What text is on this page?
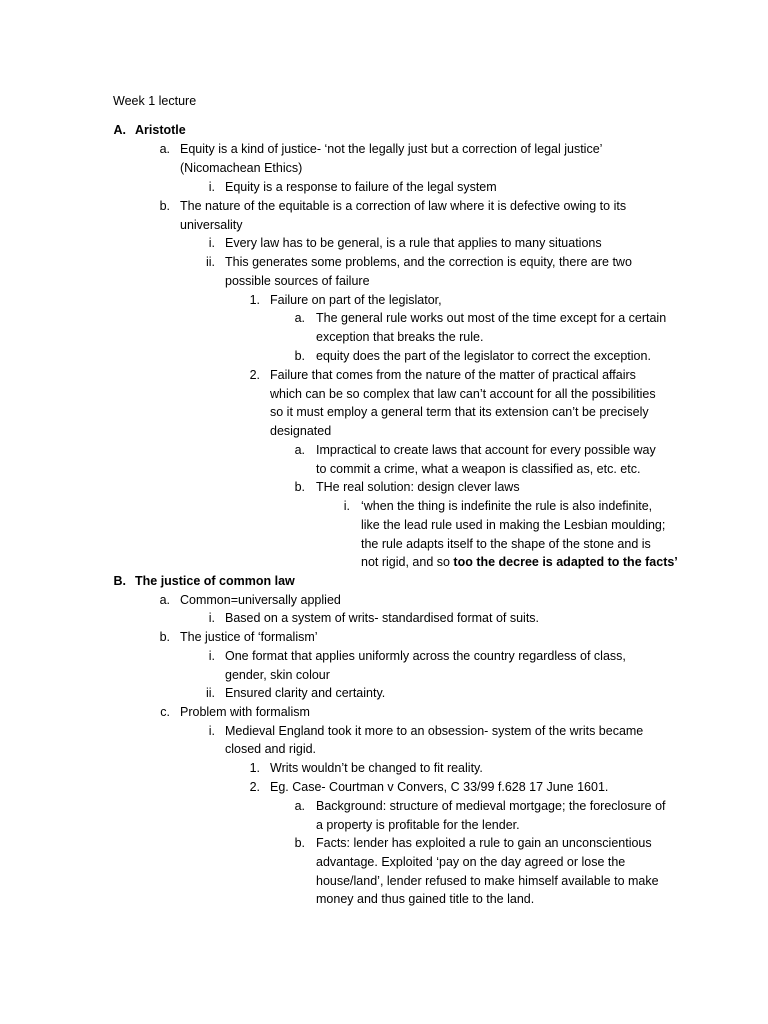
Week 1 lecture
A. Aristotle
a. Equity is a kind of justice- ‘not the legally just but a correction of legal justice’
(Nicomachean Ethics)
i. Equity is a response to failure of the legal system
b. The nature of the equitable is a correction of law where it is defective owing to its
universality
i. Every law has to be general, is a rule that applies to many situations
ii. This generates some problems, and the correction is equity, there are two
possible sources of failure
1. Failure on part of the legislator,
a. The general rule works out most of the time except for a certain
exception that breaks the rule.
b. equity does the part of the legislator to correct the exception.
2. Failure that comes from the nature of the matter of practical affairs
which can be so complex that law can’t account for all the possibilities
so it must employ a general term that its extension can’t be precisely
designated
a. Impractical to create laws that account for every possible way
to commit a crime, what a weapon is classified as, etc. etc.
b. THe real solution: design clever laws
i. ‘when the thing is indefinite the rule is also indefinite,
like the lead rule used in making the Lesbian moulding;
the rule adapts itself to the shape of the stone and is
not rigid, and so too the decree is adapted to the facts’
B. The justice of common law
a. Common=universally applied
i. Based on a system of writs- standardised format of suits.
b. The justice of ‘formalism’
i. One format that applies uniformly across the country regardless of class,
gender, skin colour
ii. Ensured clarity and certainty.
c. Problem with formalism
i. Medieval England took it more to an obsession- system of the writs became
closed and rigid.
1. Writs wouldn’t be changed to fit reality.
2. Eg. Case- Courtman v Convers, C 33/99 f.628 17 June 1601.
a. Background: structure of medieval mortgage; the foreclosure of
a property is profitable for the lender.
b. Facts: lender has exploited a rule to gain an unconscientious
advantage. Exploited ‘pay on the day agreed or lose the
house/land’, lender refused to make himself available to make
money and thus gained title to the land.
